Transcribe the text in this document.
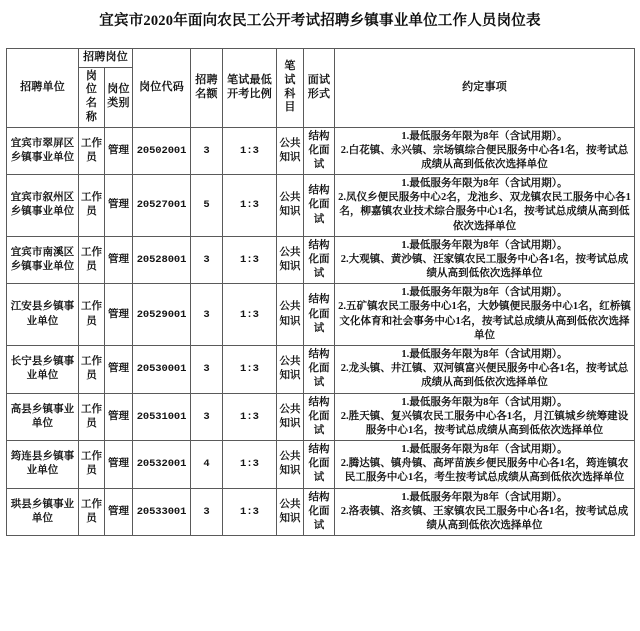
宜宾市2020年面向农民工公开考试招聘乡镇事业单位工作人员岗位表
招聘单位	招聘岗位		岗位代码	招聘名额	笔试最低开考比例	笔试科目	面试形式	约定事项
	岗位名称	岗位类别						
宜宾市翠屏区乡镇事业单位	工作员	管理	20502001	3	1:3	公共知识	结构化面试	1.最低服务年限为8年（含试用期）。
2.白花镇、永兴镇、宗场镇综合便民服务中心各1名，按考试总成绩从高到低依次选择单位

宜宾市叙州区乡镇事业单位	工作员	管理	20527001	5	1:3	公共知识	结构化面试	1.最低服务年限为8年（含试用期）。
2.凤仪乡便民服务中心2名，龙池乡、双龙镇农民工服务中心各1名，柳嘉镇农业技术综合服务中心1名，按考试总成绩从高到低依次选择单位

宜宾市南溪区乡镇事业单位	工作员	管理	20528001	3	1:3	公共知识	结构化面试	1.最低服务年限为8年（含试用期）。
2.大观镇、黄沙镇、汪家镇农民工服务中心各1名，按考试总成绩从高到低依次选择单位

江安县乡镇事业单位	工作员	管理	20529001	3	1:3	公共知识	结构化面试	1.最低服务年限为8年（含试用期）。
2.五矿镇农民工服务中心1名，大妙镇便民服务中心1名，红桥镇文化体育和社会事务中心1名，按考试总成绩从高到低依次选择单位

长宁县乡镇事业单位	工作员	管理	20530001	3	1:3	公共知识	结构化面试	1.最低服务年限为8年（含试用期）。
2.龙头镇、井江镇、双河镇富兴便民服务中心各1名，按考试总成绩从高到低依次选择单位

高县乡镇事业单位	工作员	管理	20531001	3	1:3	公共知识	结构化面试	1.最低服务年限为8年（含试用期）。
2.胜天镇、复兴镇农民工服务中心各1名，月江镇城乡统筹建设服务中心1名，按考试总成绩从高到低依次选择单位

筠连县乡镇事业单位	工作员	管理	20532001	4	1:3	公共知识	结构化面试	1.最低服务年限为8年（含试用期）。
2.腾达镇、镇舟镇、高坪苗族乡便民服务中心各1名，筠连镇农民工服务中心1名，考生按考试总成绩从高到低依次选择单位

珙县乡镇事业单位	工作员	管理	20533001	3	1:3	公共知识	结构化面试	1.最低服务年限为8年（含试用期）。
2.洛表镇、洛亥镇、王家镇农民工服务中心各1名，按考试总成绩从高到低依次选择单位
